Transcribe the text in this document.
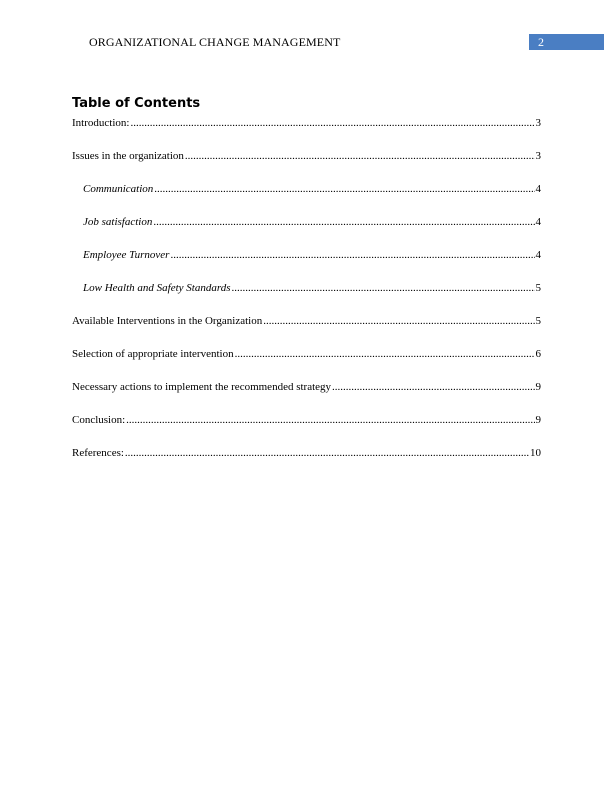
ORGANIZATIONAL CHANGE MANAGEMENT	2
Table of Contents
Introduction: .....	3
Issues in the organization .....	3
Communication .....	4
Job satisfaction .....	4
Employee Turnover .....	4
Low Health and Safety Standards .....	5
Available Interventions in the Organization .....	5
Selection of appropriate intervention .....	6
Necessary actions to implement the recommended strategy .....	9
Conclusion: .....	9
References: .....	10
